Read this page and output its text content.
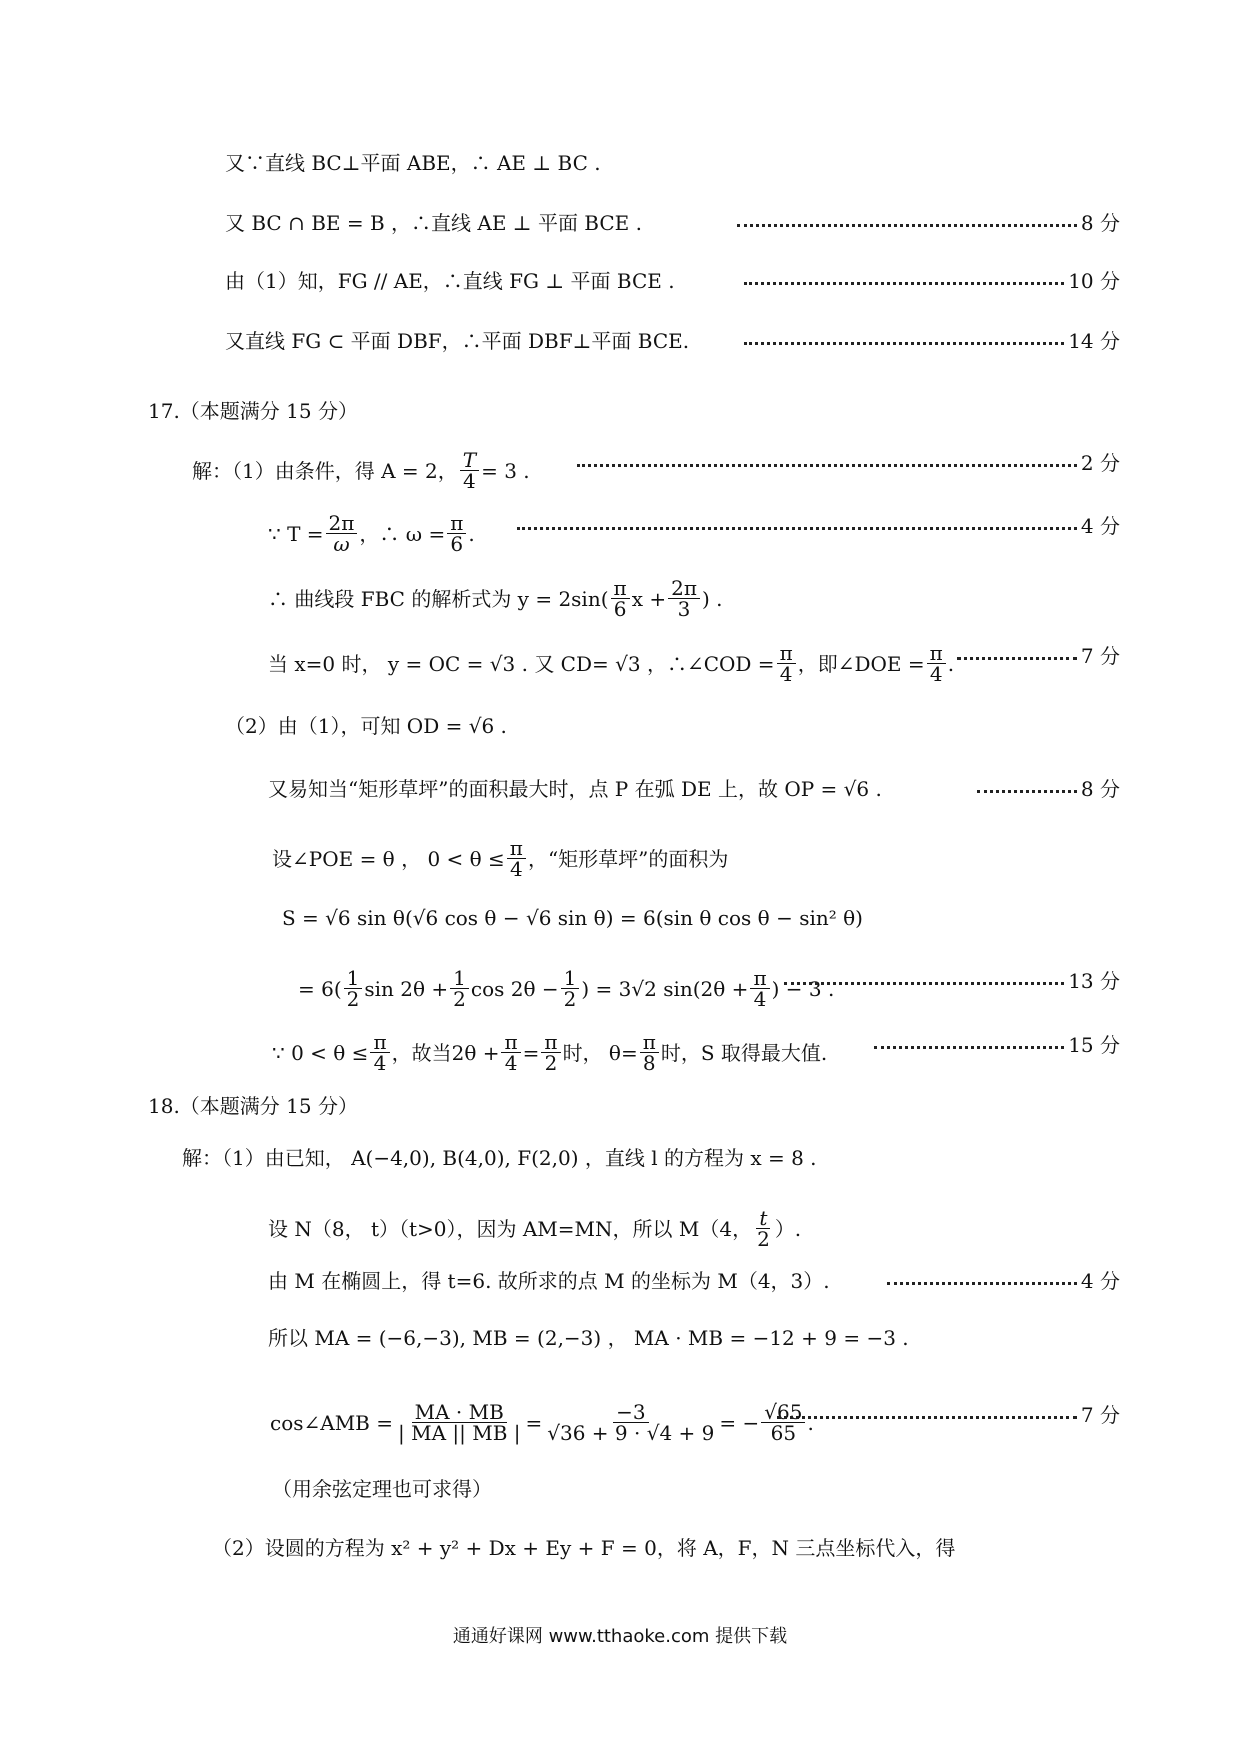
又∵直线 BC⊥平面 ABE，∴ AE ⊥ BC .
又 BC ∩ BE = B ，∴直线 AE ⊥ 平面 BCE .	8 分
由（1）知，FG // AE，∴直线 FG ⊥ 平面 BCE .	10 分
又直线 FG ⊂ 平面 DBF，∴平面 DBF⊥平面 BCE.	14 分
17.（本题满分 15 分）
解：（1）由条件，得 A = 2， $\frac{T}{4} = 3$ .	2 分
∵ $T = \frac{2\pi}{\omega}$ ，∴ $\omega = \frac{\pi}{6}$ .	4 分
∴ 曲线段 FBC 的解析式为 $y = 2\sin( \frac{\pi}{6}$ $x + \frac{2\pi}{3}$ ) .
当 x=0 时， y = OC = √3 . 又 CD= √3 ，∴∠COD = $\frac{\pi}{4}$ ，即∠DOE = $\frac{\pi}{4}$ .	7 分
（2）由（1），可知 OD = √6 .
又易知当“矩形草坪”的面积最大时，点 P 在弧 DE 上，故 OP = √6 .	8 分
设∠POE = θ ， $0 < \theta \le \frac{\pi}{4}$ ，“矩形草坪”的面积为
S = √6 sin θ(√6 cos θ − √6 sin θ) = 6(sin θ cos θ − sin² θ)
= $6( \frac{1}{2}$ $\sin 2\theta + \frac{1}{2}$ $\cos 2\theta - \frac{1}{2}$ ) = 3√2 $\sin(2\theta + \frac{\pi}{4}$ ) − 3 .	13 分
∵ $0 < \theta \le \frac{\pi}{4}$ ，故当$2\theta + \frac{\pi}{4} = \frac{\pi}{2}$ 时， $\theta= \frac{\pi}{8}$ 时，S 取得最大值.	15 分
18.（本题满分 15 分）
解：（1）由已知， A(−4,0), B(4,0), F(2,0) ，直线 l 的方程为 x = 8 .
设 N（8， t）（t>0），因为 AM=MN，所以 M（4， $\frac{t}{2}$ ）.
由 M 在椭圆上，得 t=6. 故所求的点 M 的坐标为 M（4，3）.	4 分
所以 MA = (−6,−3), MB = (2,−3) ， MA · MB = −12 + 9 = −3 .
cos∠AMB = $\frac{MA \cdot MB}{| MA || MB |} = \frac{-3}{√36 + 9 \cdot √4 + 9}$ = − $\frac{√65}{65}$ .	7 分
（用余弦定理也可求得）
（2）设圆的方程为 x² + y² + Dx + Ey + F = 0，将 A，F，N 三点坐标代入，得
通通好课网 www.tthaoke.com 提供下载
